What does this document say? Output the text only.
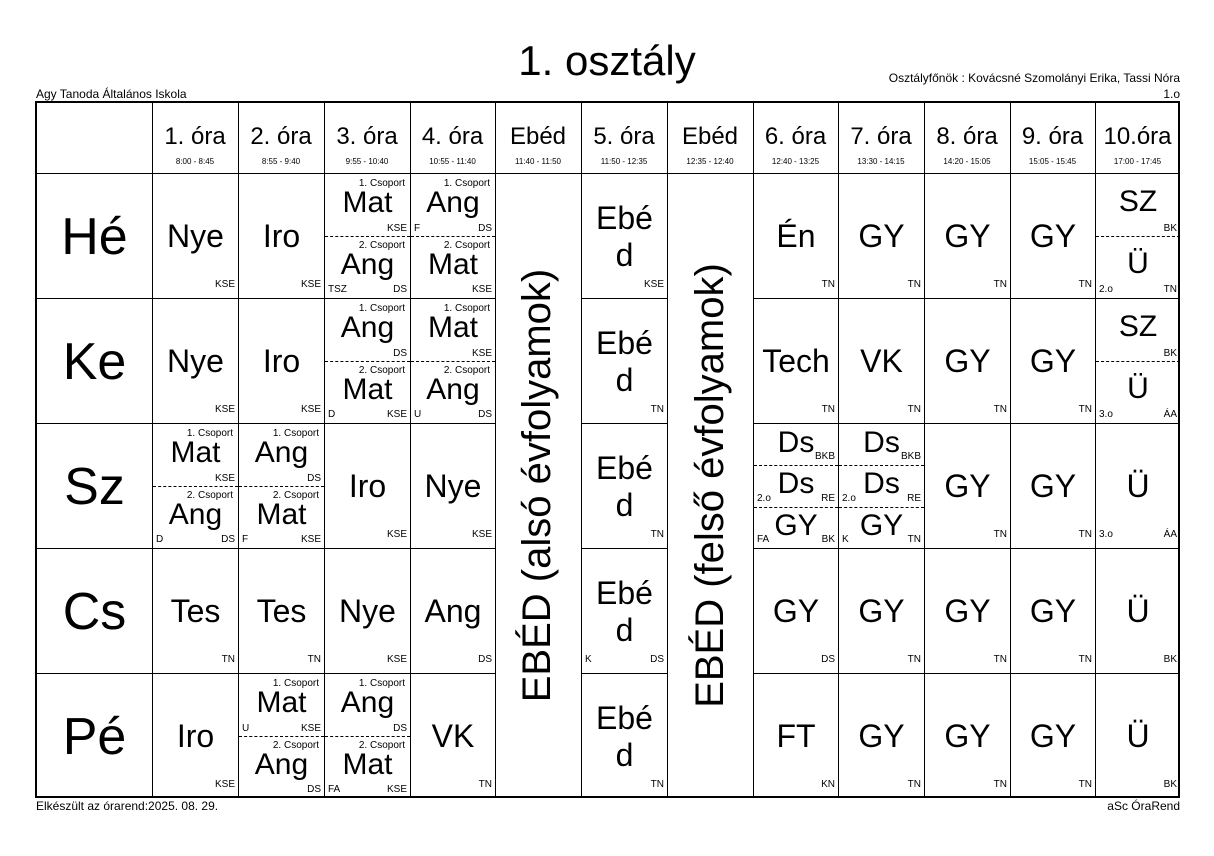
1. osztály
Agy Tanoda Általános Iskola
Osztályfőnök : Kovácsné Szomolányi Erika, Tassi Nóra
1.o
1. óra
8:00 - 8:45
2. óra
8:55 - 9:40
3. óra
9:55 - 10:40
4. óra
10:55 - 11:40
Ebéd
11:40 - 11:50
5. óra
11:50 - 12:35
Ebéd
12:35 - 12:40
6. óra
12:40 - 13:25
7. óra
13:30 - 14:15
8. óra
14:20 - 15:05
9. óra
15:05 - 15:45
10.óra
17:00 - 17:45
Hé
Ke
Sz
Cs
Pé
EBÉD (alsó évfolyamok)	EBÉD (felső évfolyamok)
Nye
KSE
Iro
KSE
1. Csoport
Mat
KSE
2. Csoport
Ang
DS
TSZ
1. Csoport
Ang
DS
F
2. Csoport
Mat
KSE
Ebé
d
KSE
Én
TN
GY
TN
GY
TN
GY
TN
SZ
BK
Ü
TN
2.o
Nye
KSE
Iro
KSE
1. Csoport
Ang
DS
2. Csoport
Mat
KSE
D
1. Csoport
Mat
KSE
2. Csoport
Ang
DS
U
Ebé
d
TN
Tech
TN
VK
TN
GY
TN
GY
TN
SZ
BK
Ü
ÁA
3.o
1. Csoport
Mat
KSE
2. Csoport
Ang
DS
D
1. Csoport
Ang
DS
2. Csoport
Mat
KSE
F
Iro
KSE
Nye
KSE
Ebé
d
TN
Ds BKB
Ds RE
2.o
GY BK
FA
Ds BKB
Ds RE
2.o
GY TN
K
GY
TN
GY
TN
Ü
ÁA
3.o
Tes
TN
Tes
TN
Nye
KSE
Ang
DS
Ebé
d
DS
K
GY
DS
GY
TN
GY
TN
GY
TN
Ü
BK
Iro
KSE
1. Csoport
Mat
KSE
U
2. Csoport
Ang
DS
1. Csoport
Ang
DS
2. Csoport
Mat
KSE
FA
VK
TN
Ebé
d
TN
FT
KN
GY
TN
GY
TN
GY
TN
Ü
BK
Elkészült az órarend:2025. 08. 29.	aSc ÓraRend
